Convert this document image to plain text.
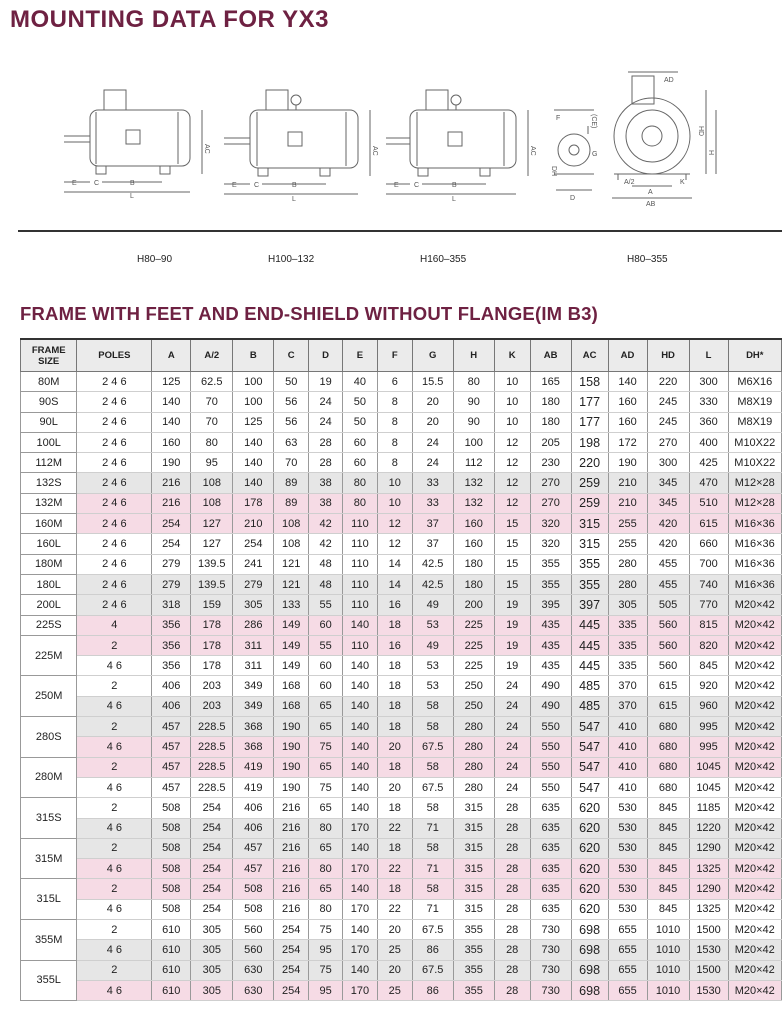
MOUNTING DATA FOR YX3
E C	B
L
AC
E C	B
L
AC
E C	B
L
AC
F	(CE)
G
DH
D
AD
HD
H
K
A/2
A
AB
H80–90	H100–132	H160–355	H80–355
FRAME WITH FEET AND END-SHIELD WITHOUT FLANGE(IM B3)
FRAME
SIZE	POLES	A	A/2	B	C	D	E	F	G	H	K	AB	AC	AD	HD	L	DH*
80M	2 4 6	125	62.5	100	50	19	40	6	15.5	80	10	165	158	140	220	300	M6X16
90S	2 4 6	140	70	100	56	24	50	8	20	90	10	180	177	160	245	330	M8X19
90L	2 4 6	140	70	125	56	24	50	8	20	90	10	180	177	160	245	360	M8X19
100L	2 4 6	160	80	140	63	28	60	8	24	100	12	205	198	172	270	400	M10X22
112M	2 4 6	190	95	140	70	28	60	8	24	112	12	230	220	190	300	425	M10X22
132S	2 4 6	216	108	140	89	38	80	10	33	132	12	270	259	210	345	470	M12×28
132M	2 4 6	216	108	178	89	38	80	10	33	132	12	270	259	210	345	510	M12×28
160M	2 4 6	254	127	210	108	42	110	12	37	160	15	320	315	255	420	615	M16×36
160L	2 4 6	254	127	254	108	42	110	12	37	160	15	320	315	255	420	660	M16×36
180M	2 4 6	279	139.5	241	121	48	110	14	42.5	180	15	355	355	280	455	700	M16×36
180L	2 4 6	279	139.5	279	121	48	110	14	42.5	180	15	355	355	280	455	740	M16×36
200L	2 4 6	318	159	305	133	55	110	16	49	200	19	395	397	305	505	770	M20×42
225S	4	356	178	286	149	60	140	18	53	225	19	435	445	335	560	815	M20×42
225M	2	356	178	311	149	55	110	16	49	225	19	435	445	335	560	820	M20×42
	4 6	356	178	311	149	60	140	18	53	225	19	435	445	335	560	845	M20×42
250M	2	406	203	349	168	60	140	18	53	250	24	490	485	370	615	920	M20×42
	4 6	406	203	349	168	65	140	18	58	250	24	490	485	370	615	960	M20×42
280S	2	457	228.5	368	190	65	140	18	58	280	24	550	547	410	680	995	M20×42
	4 6	457	228.5	368	190	75	140	20	67.5	280	24	550	547	410	680	995	M20×42
280M	2	457	228.5	419	190	65	140	18	58	280	24	550	547	410	680	1045	M20×42
	4 6	457	228.5	419	190	75	140	20	67.5	280	24	550	547	410	680	1045	M20×42
315S	2	508	254	406	216	65	140	18	58	315	28	635	620	530	845	1185	M20×42
	4 6	508	254	406	216	80	170	22	71	315	28	635	620	530	845	1220	M20×42
315M	2	508	254	457	216	65	140	18	58	315	28	635	620	530	845	1290	M20×42
	4 6	508	254	457	216	80	170	22	71	315	28	635	620	530	845	1325	M20×42
315L	2	508	254	508	216	65	140	18	58	315	28	635	620	530	845	1290	M20×42
	4 6	508	254	508	216	80	170	22	71	315	28	635	620	530	845	1325	M20×42
355M	2	610	305	560	254	75	140	20	67.5	355	28	730	698	655	1010	1500	M20×42
	4 6	610	305	560	254	95	170	25	86	355	28	730	698	655	1010	1530	M20×42
355L	2	610	305	630	254	75	140	20	67.5	355	28	730	698	655	1010	1500	M20×42
	4 6	610	305	630	254	95	170	25	86	355	28	730	698	655	1010	1530	M20×42
